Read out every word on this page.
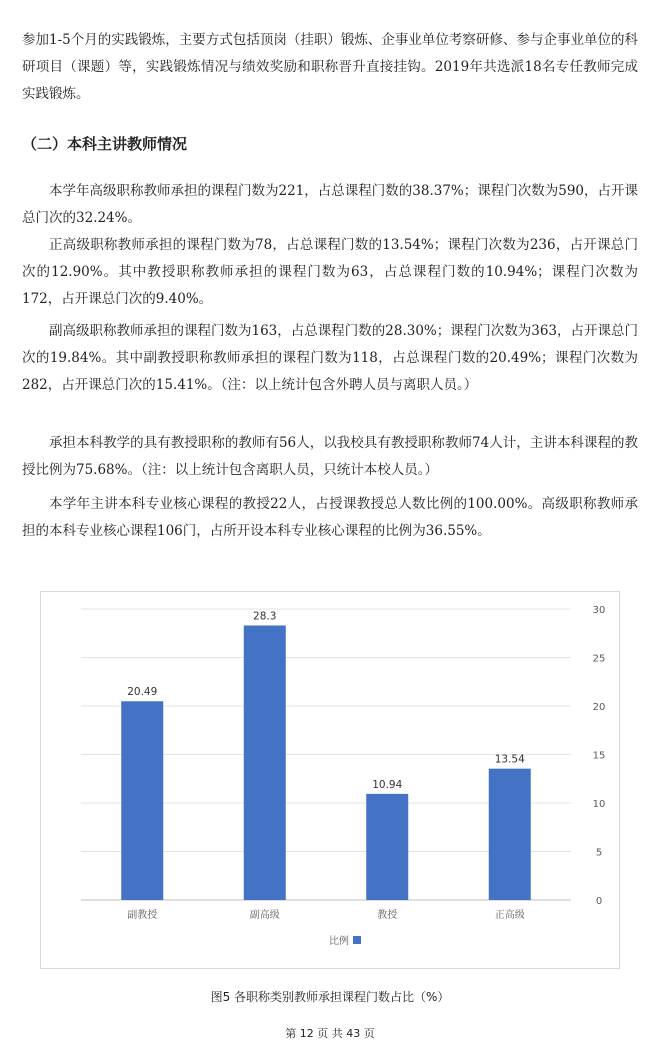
参加1-5个月的实践锻炼，主要方式包括顶岗（挂职）锻炼、企事业单位考察研修、参与企事业单位的科研项目（课题）等，实践锻炼情况与绩效奖励和职称晋升直接挂钩。2019年共选派18名专任教师完成实践锻炼。

（二）本科主讲教师情况

本学年高级职称教师承担的课程门数为221，占总课程门数的38.37%；课程门次数为590，占开课总门次的32.24%。

正高级职称教师承担的课程门数为78，占总课程门数的13.54%；课程门次数为236，占开课总门次的12.90%。其中教授职称教师承担的课程门数为63，占总课程门数的10.94%；课程门次数为172，占开课总门次的9.40%。

副高级职称教师承担的课程门数为163，占总课程门数的28.30%；课程门次数为363，占开课总门次的19.84%。其中副教授职称教师承担的课程门数为118，占总课程门数的20.49%；课程门次数为282，占开课总门次的15.41%。（注：以上统计包含外聘人员与离职人员。）

承担本科教学的具有教授职称的教师有56人，以我校具有教授职称教师74人计，主讲本科课程的教授比例为75.68%。（注：以上统计包含离职人员，只统计本校人员。）

本学年主讲本科专业核心课程的教授22人，占授课教授总人数比例的100.00%。高级职称教师承担的本科专业核心课程106门，占所开设本科专业核心课程的比例为36.55%。

0
5
10
15
20
25
30
13.54
正高级
10.94
教授
28.3
副高级
20.49
副教授
比例
图5 各职称类别教师承担课程门数占比（%）
第 12 页 共 43 页
